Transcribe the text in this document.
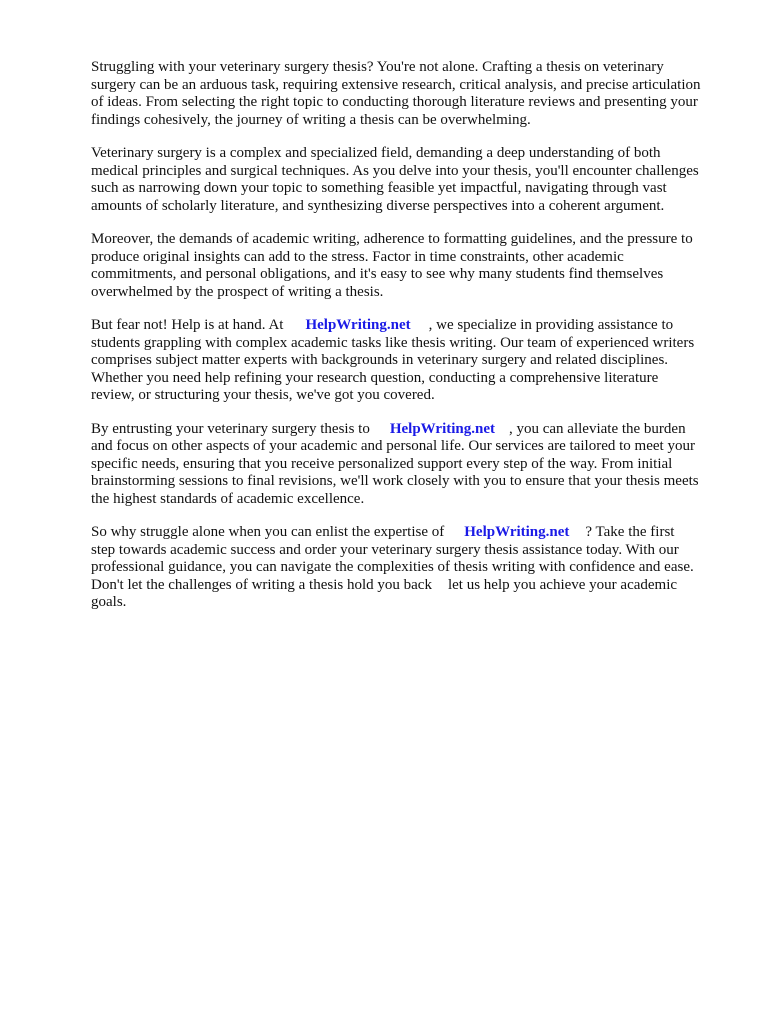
Struggling with your veterinary surgery thesis? You're not alone. Crafting a thesis on veterinary
surgery can be an arduous task, requiring extensive research, critical analysis, and precise articulation
of ideas. From selecting the right topic to conducting thorough literature reviews and presenting your
findings cohesively, the journey of writing a thesis can be overwhelming.

Veterinary surgery is a complex and specialized field, demanding a deep understanding of both
medical principles and surgical techniques. As you delve into your thesis, you'll encounter challenges
such as narrowing down your topic to something feasible yet impactful, navigating through vast
amounts of scholarly literature, and synthesizing diverse perspectives into a coherent argument.

Moreover, the demands of academic writing, adherence to formatting guidelines, and the pressure to
produce original insights can add to the stress. Factor in time constraints, other academic
commitments, and personal obligations, and it's easy to see why many students find themselves
overwhelmed by the prospect of writing a thesis.

But fear not! Help is at hand. At HelpWriting.net , we specialize in providing assistance to
students grappling with complex academic tasks like thesis writing. Our team of experienced writers
comprises subject matter experts with backgrounds in veterinary surgery and related disciplines.
Whether you need help refining your research question, conducting a comprehensive literature
review, or structuring your thesis, we've got you covered.

By entrusting your veterinary surgery thesis to HelpWriting.net , you can alleviate the burden
and focus on other aspects of your academic and personal life. Our services are tailored to meet your
specific needs, ensuring that you receive personalized support every step of the way. From initial
brainstorming sessions to final revisions, we'll work closely with you to ensure that your thesis meets
the highest standards of academic excellence.

So why struggle alone when you can enlist the expertise of HelpWriting.net ? Take the first
step towards academic success and order your veterinary surgery thesis assistance today. With our
professional guidance, you can navigate the complexities of thesis writing with confidence and ease.
Don't let the challenges of writing a thesis hold you back let us help you achieve your academic
goals.
